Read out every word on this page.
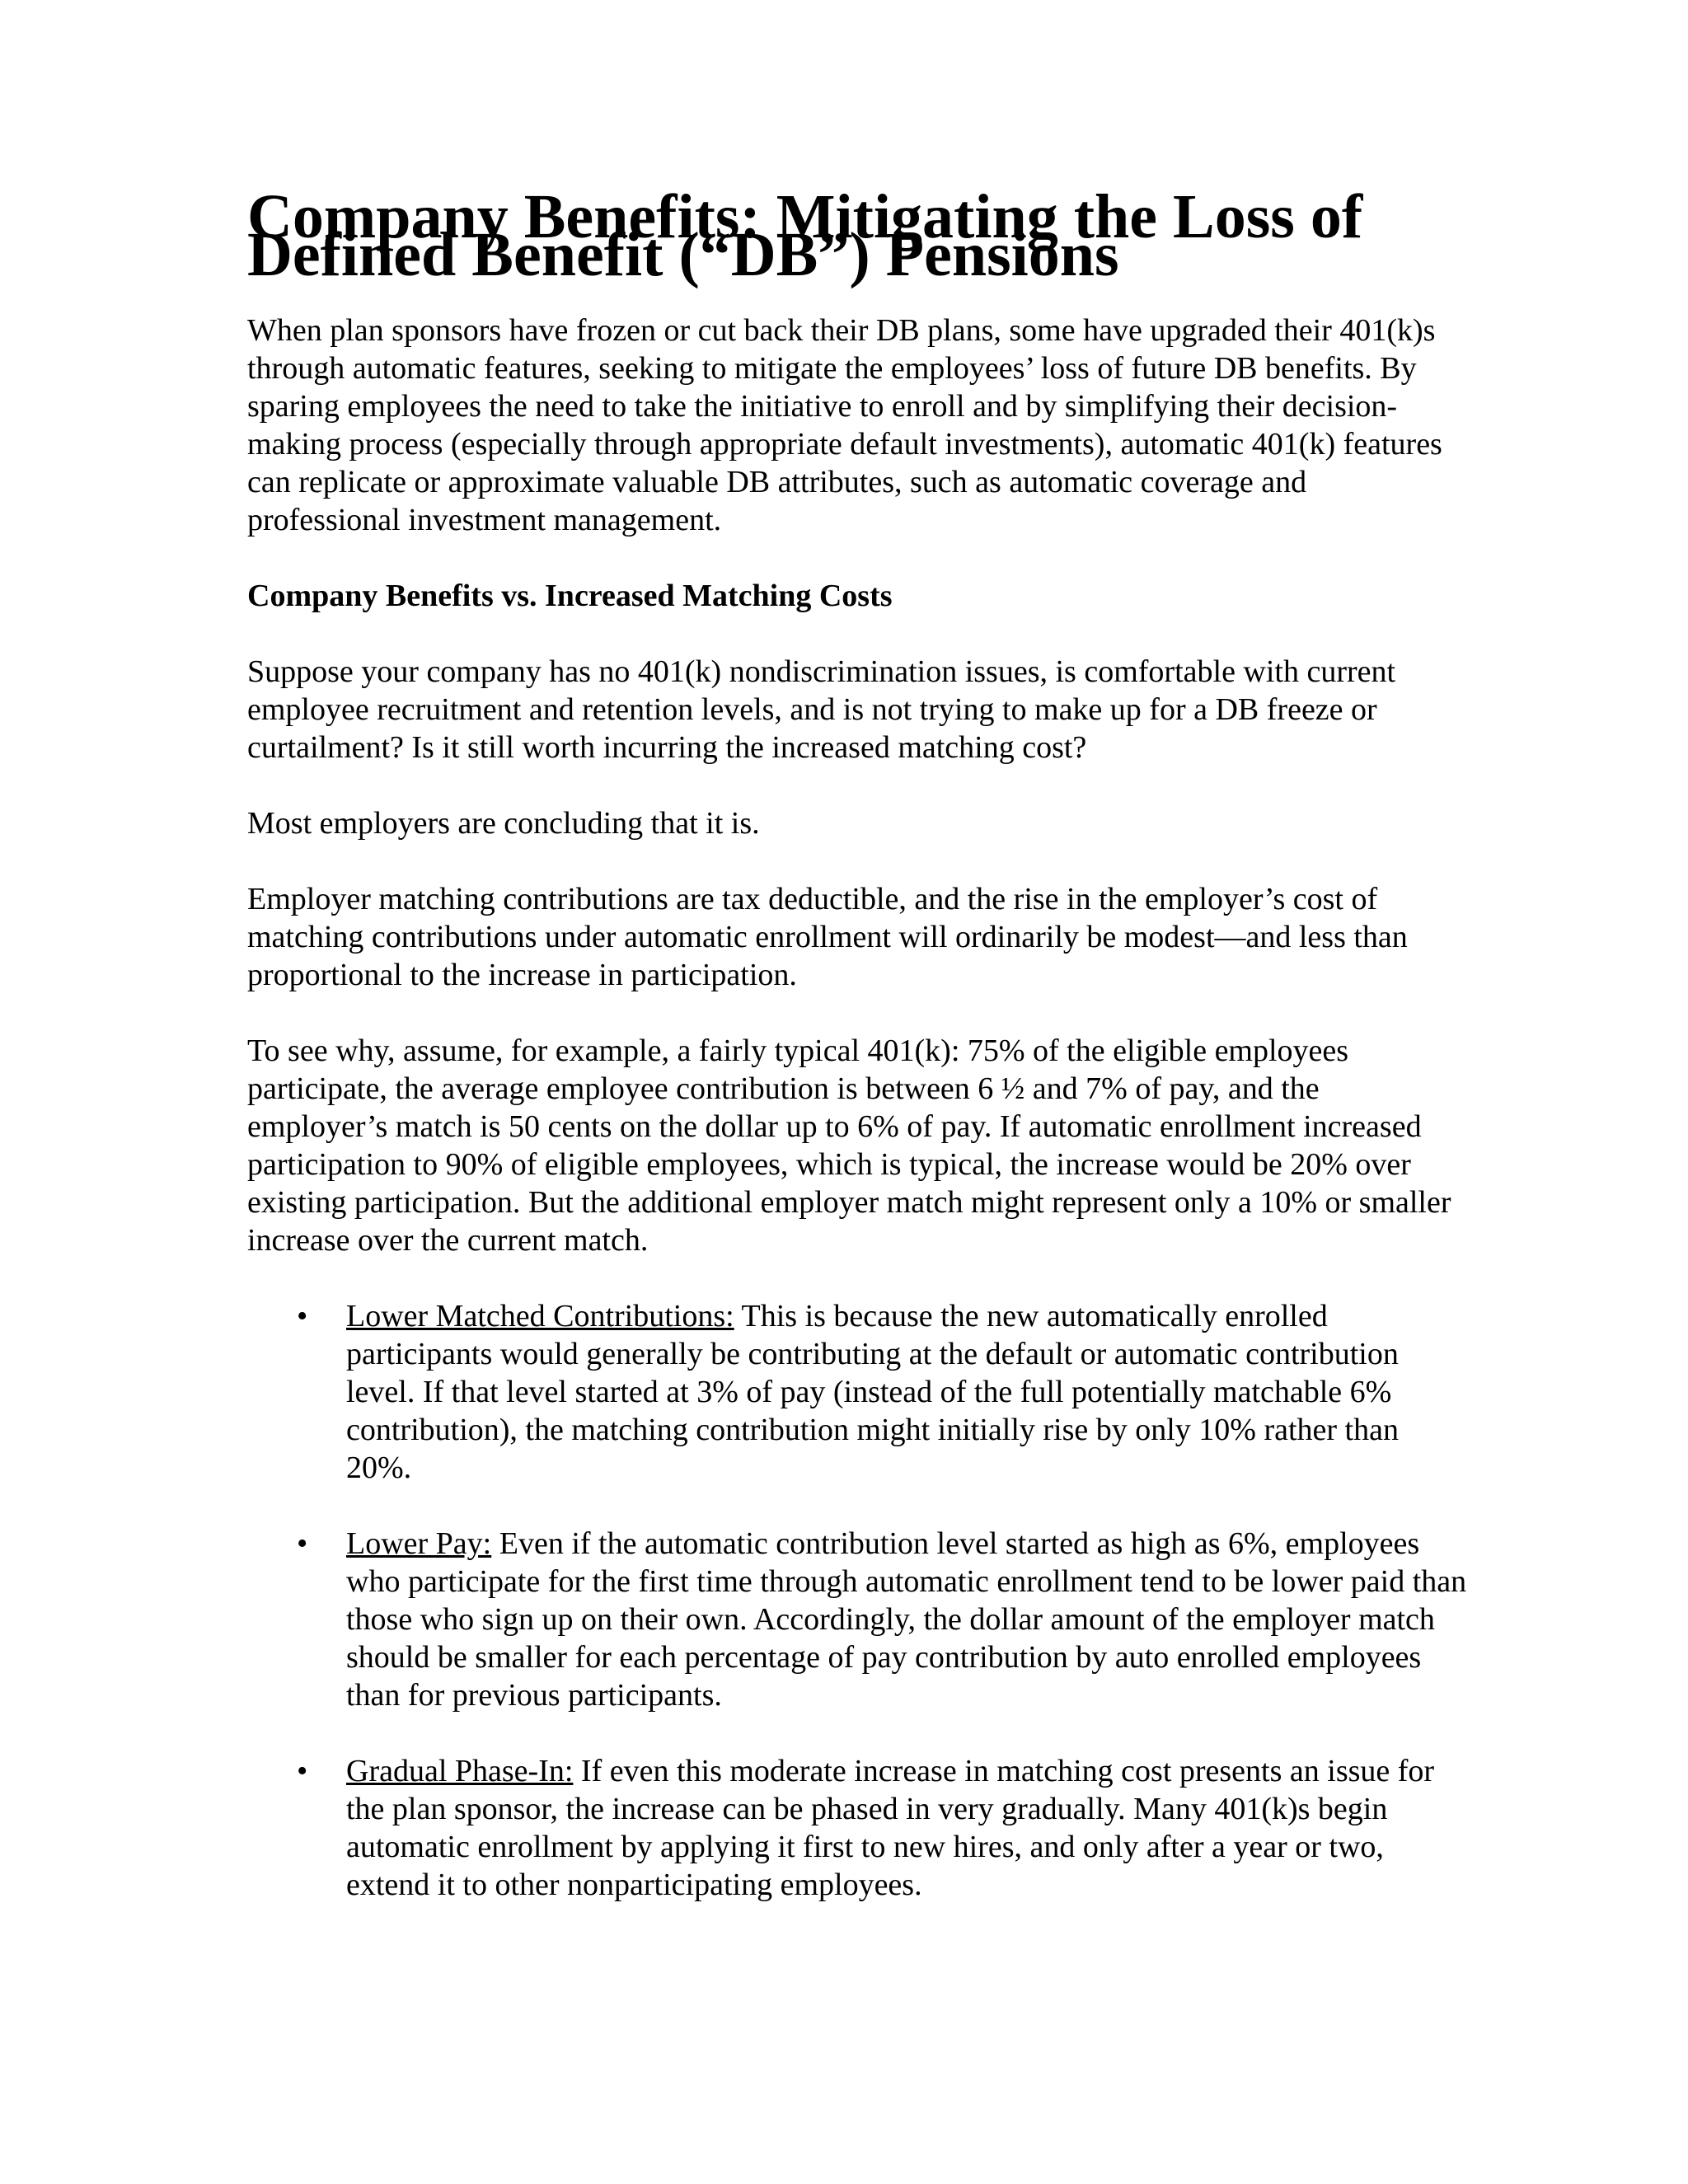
Company Benefits: Mitigating the Loss of Defined Benefit (“DB”) Pensions

When plan sponsors have frozen or cut back their DB plans, some have upgraded their 401(k)s through automatic features, seeking to mitigate the employees’ loss of future DB benefits. By sparing employees the need to take the initiative to enroll and by simplifying their decision-making process (especially through appropriate default investments), automatic 401(k) features can replicate or approximate valuable DB attributes, such as automatic coverage and professional investment management.

Company Benefits vs. Increased Matching Costs

Suppose your company has no 401(k) nondiscrimination issues, is comfortable with current employee recruitment and retention levels, and is not trying to make up for a DB freeze or curtailment? Is it still worth incurring the increased matching cost?

Most employers are concluding that it is.

Employer matching contributions are tax deductible, and the rise in the employer’s cost of matching contributions under automatic enrollment will ordinarily be modest—and less than proportional to the increase in participation.

To see why, assume, for example, a fairly typical 401(k): 75% of the eligible employees participate, the average employee contribution is between 6 ½ and 7% of pay, and the employer’s match is 50 cents on the dollar up to 6% of pay. If automatic enrollment increased participation to 90% of eligible employees, which is typical, the increase would be 20% over existing participation. But the additional employer match might represent only a 10% or smaller increase over the current match.

• Lower Matched Contributions: This is because the new automatically enrolled participants would generally be contributing at the default or automatic contribution level. If that level started at 3% of pay (instead of the full potentially matchable 6% contribution), the matching contribution might initially rise by only 10% rather than 20%.
• Lower Pay: Even if the automatic contribution level started as high as 6%, employees who participate for the first time through automatic enrollment tend to be lower paid than those who sign up on their own. Accordingly, the dollar amount of the employer match should be smaller for each percentage of pay contribution by auto enrolled employees than for previous participants.
• Gradual Phase-In: If even this moderate increase in matching cost presents an issue for the plan sponsor, the increase can be phased in very gradually. Many 401(k)s begin automatic enrollment by applying it first to new hires, and only after a year or two, extend it to other nonparticipating employees.
